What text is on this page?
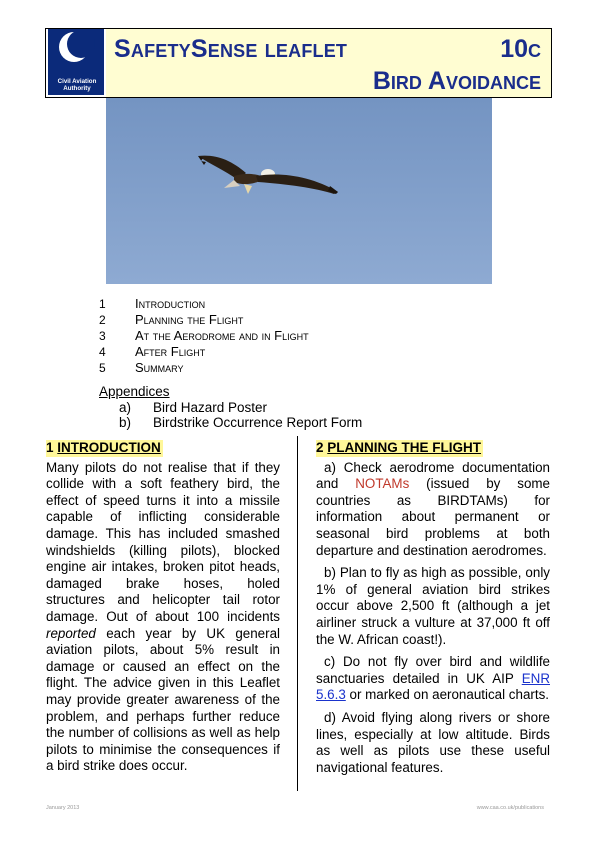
Civil Aviation
Authority
SafetySense leaflet	10c
Bird Avoidance
1	Introduction
2	Planning the Flight
3	At the Aerodrome and in Flight
4	After Flight
5	Summary
Appendices
a) Bird Hazard Poster
b) Birdstrike Occurrence Report Form
1 INTRODUCTION

Many pilots do not realise that if they collide with a soft feathery bird, the effect of speed turns it into a missile capable of inflicting considerable damage. This has included smashed windshields (killing pilots), blocked engine air intakes, broken pitot heads, damaged brake hoses, holed structures and helicopter tail rotor damage. Out of about 100 incidents reported each year by UK general aviation pilots, about 5% result in damage or caused an effect on the flight. The advice given in this Leaflet may provide greater awareness of the problem, and perhaps further reduce the number of collisions as well as help pilots to minimise the consequences if a bird strike does occur.

2 PLANNING THE FLIGHT

a) Check aerodrome documentation and NOTAMs (issued by some countries as BIRDTAMs) for information about permanent or seasonal bird problems at both departure and destination aerodromes.

b) Plan to fly as high as possible, only 1% of general aviation bird strikes occur above 2,500 ft (although a jet airliner struck a vulture at 37,000 ft off the W. African coast!).

c) Do not fly over bird and wildlife sanctuaries detailed in UK AIP ENR 5.6.3 or marked on aeronautical charts.

d) Avoid flying along rivers or shore lines, especially at low altitude. Birds as well as pilots use these useful navigational features.

January 2013	www.caa.co.uk/publications
